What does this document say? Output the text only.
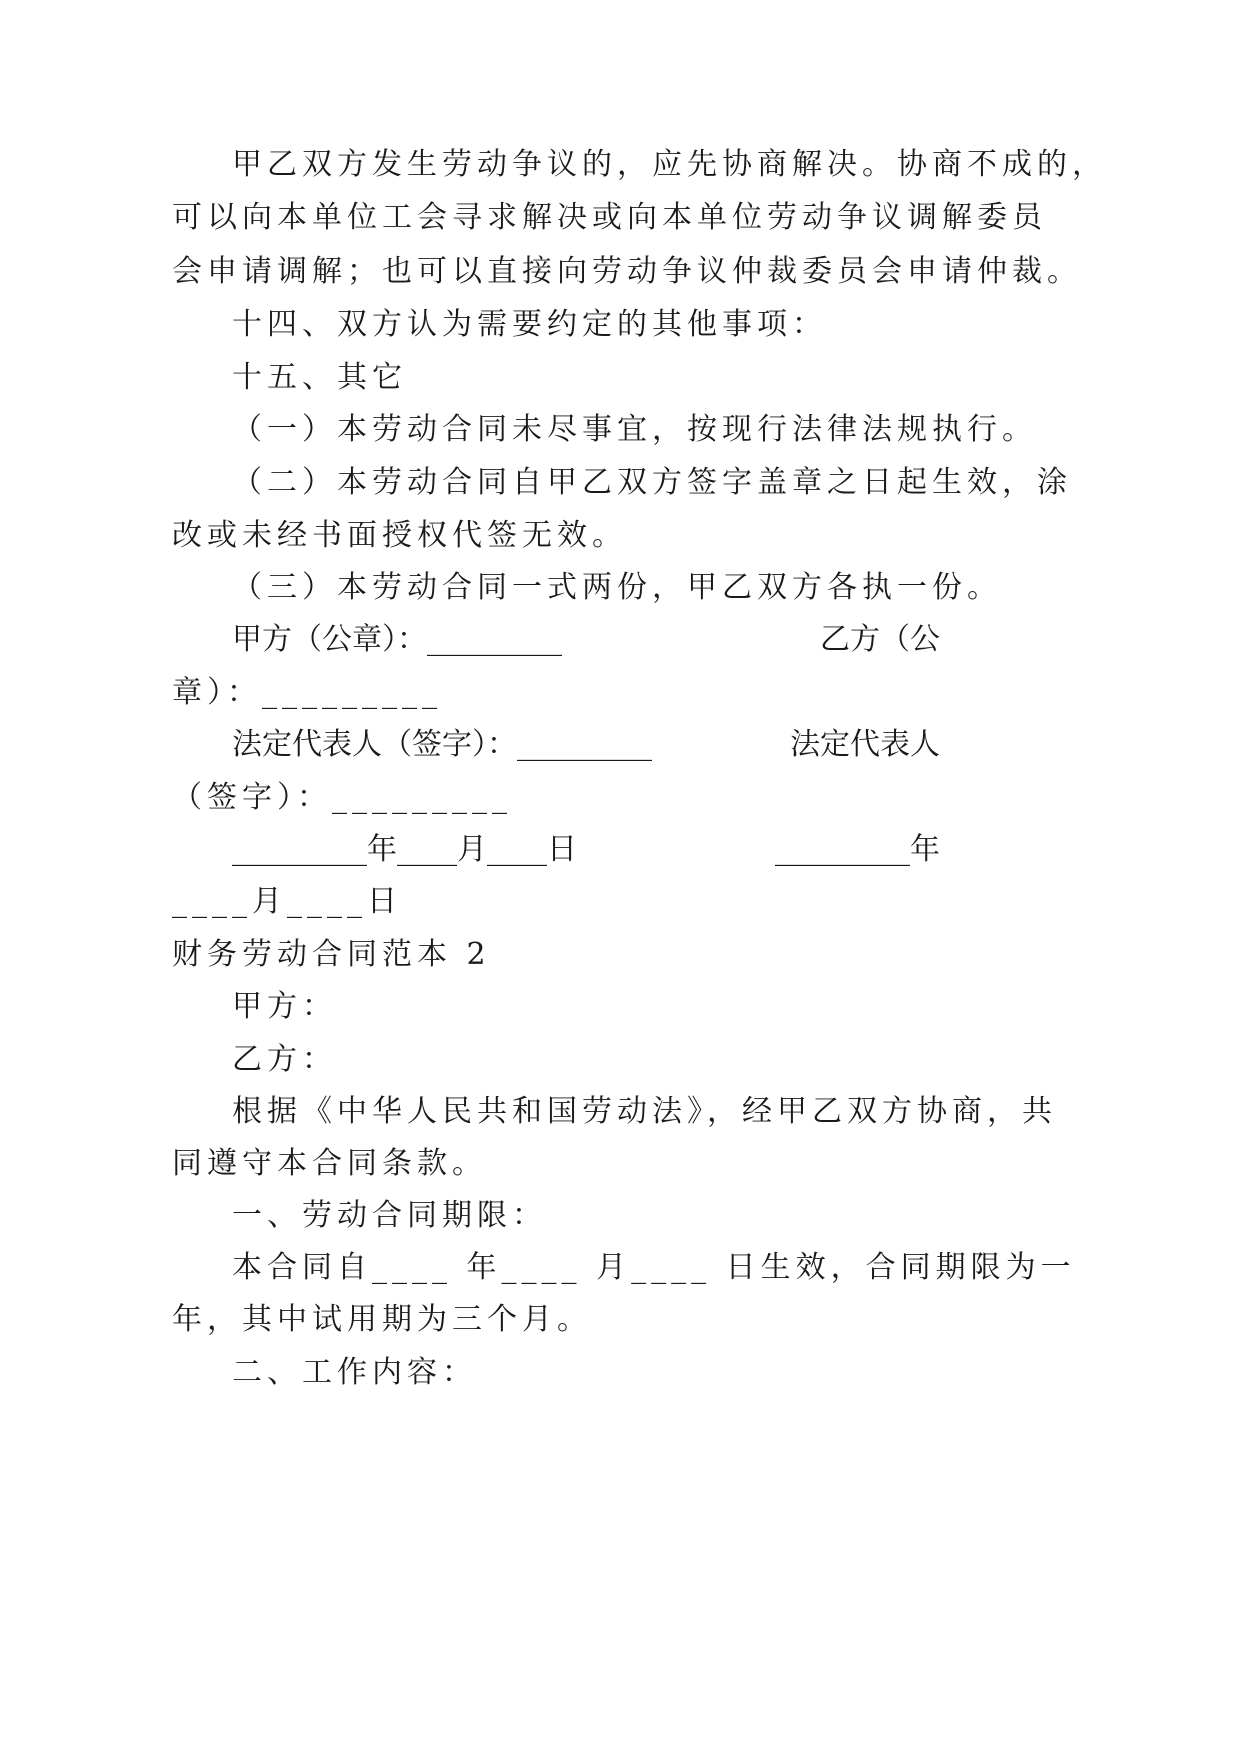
甲乙双方发生劳动争议的，应先协商解决。协商不成的，
可以向本单位工会寻求解决或向本单位劳动争议调解委员
会申请调解；也可以直接向劳动争议仲裁委员会申请仲裁。
十四、双方认为需要约定的其他事项：
十五、其它
（一）本劳动合同未尽事宜，按现行法律法规执行。
（二）本劳动合同自甲乙双方签字盖章之日起生效，涂
改或未经书面授权代签无效。
（三）本劳动合同一式两份，甲乙双方各执一份。
甲方（公章）：_________	乙方（公
章）：_________
法定代表人（签字）：_________	法定代表人
（签字）：_________
_________年____月____日	_________年
____月____日
财务劳动合同范本 2
甲方：
乙方：
根据《中华人民共和国劳动法》，经甲乙双方协商，共
同遵守本合同条款。
一、劳动合同期限：
本合同自____ 年____ 月____ 日生效，合同期限为一
年，其中试用期为三个月。
二、工作内容：
